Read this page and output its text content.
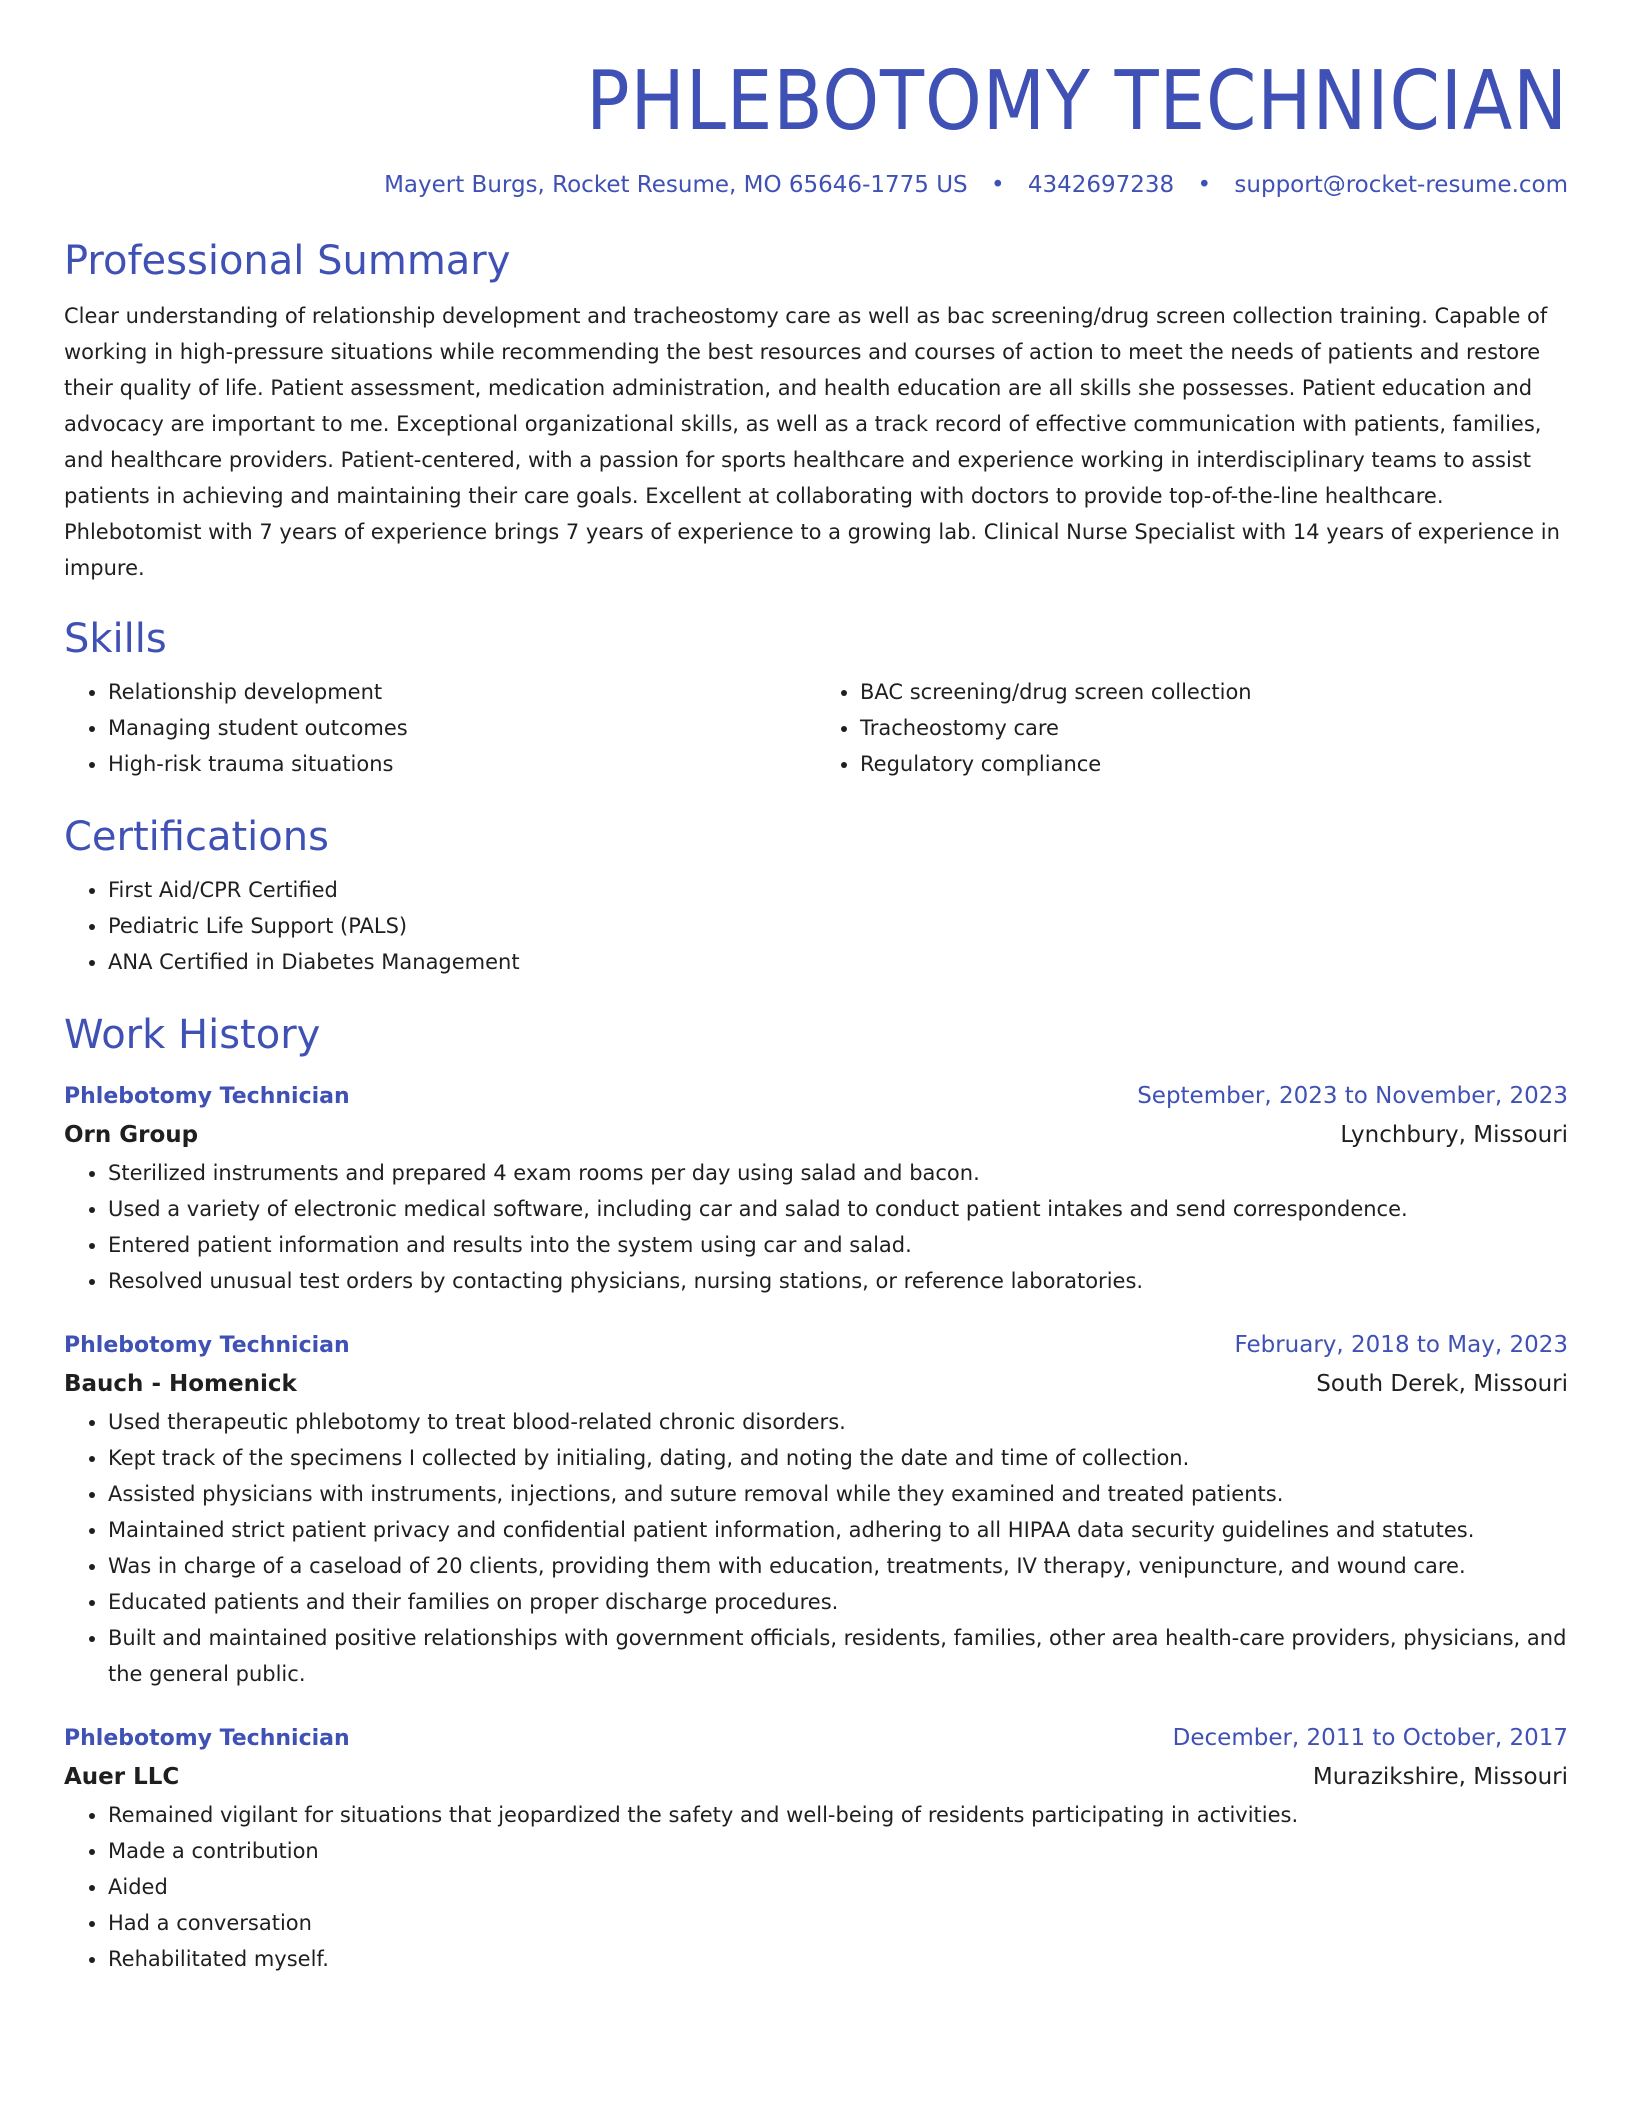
PHLEBOTOMY TECHNICIAN
Mayert Burgs, Rocket Resume, MO 65646-1775 US • 4342697238 • support@rocket-resume.com
Professional Summary

Clear understanding of relationship development and tracheostomy care as well as bac screening/drug screen collection training. Capable of working in high-pressure situations while recommending the best resources and courses of action to meet the needs of patients and restore their quality of life. Patient assessment, medication administration, and health education are all skills she possesses. Patient education and advocacy are important to me. Exceptional organizational skills, as well as a track record of effective communication with patients, families, and healthcare providers. Patient-centered, with a passion for sports healthcare and experience working in interdisciplinary teams to assist patients in achieving and maintaining their care goals. Excellent at collaborating with doctors to provide top-of-the-line healthcare. Phlebotomist with 7 years of experience brings 7 years of experience to a growing lab. Clinical Nurse Specialist with 14 years of experience in impure.

Skills
• Relationship development
• Managing student outcomes
• High-risk trauma situations
• BAC screening/drug screen collection
• Tracheostomy care
• Regulatory compliance
Certifications
• First Aid/CPR Certified
• Pediatric Life Support (PALS)
• ANA Certified in Diabetes Management
Work History
Phlebotomy Technician	September, 2023 to November, 2023
Orn Group	Lynchbury, Missouri
• Sterilized instruments and prepared 4 exam rooms per day using salad and bacon.
• Used a variety of electronic medical software, including car and salad to conduct patient intakes and send correspondence.
• Entered patient information and results into the system using car and salad.
• Resolved unusual test orders by contacting physicians, nursing stations, or reference laboratories.
Phlebotomy Technician	February, 2018 to May, 2023
Bauch - Homenick	South Derek, Missouri
• Used therapeutic phlebotomy to treat blood-related chronic disorders.
• Kept track of the specimens I collected by initialing, dating, and noting the date and time of collection.
• Assisted physicians with instruments, injections, and suture removal while they examined and treated patients.
• Maintained strict patient privacy and confidential patient information, adhering to all HIPAA data security guidelines and statutes.
• Was in charge of a caseload of 20 clients, providing them with education, treatments, IV therapy, venipuncture, and wound care.
• Educated patients and their families on proper discharge procedures.
• Built and maintained positive relationships with government officials, residents, families, other area health-care providers, physicians, and the general public.
Phlebotomy Technician	December, 2011 to October, 2017
Auer LLC	Murazikshire, Missouri
• Remained vigilant for situations that jeopardized the safety and well-being of residents participating in activities.
• Made a contribution
• Aided
• Had a conversation
• Rehabilitated myself.
